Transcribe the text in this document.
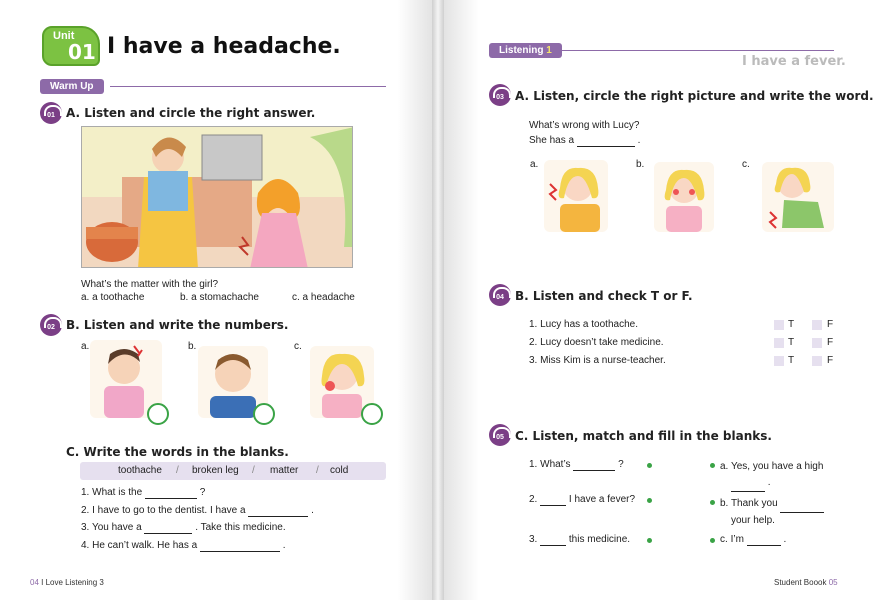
Unit
01 I have a headache.
Warm Up
01 A. Listen and circle the right answer.
What’s the matter with the girl?
a. a toothache	b. a stomachache	c. a headache
02 B. Listen and write the numbers.
a.	b.	c.
C. Write the words in the blanks.
toothache / broken leg / matter / cold
1. What is the	?
2. I have to go to the dentist. I have a	.
3. You have a	. Take this medicine.
4. He can’t walk. He has a	.
04 I Love Listening 3
Listening 1
I have a fever.
03 A. Listen, circle the right picture and write the word.
What’s wrong with Lucy?
She has a	.
a.	b.	c.
04 B. Listen and check T or F.
1. Lucy has a toothache.	T	F
2. Lucy doesn’t take medicine.	T	F
3. Miss Kim is a nurse-teacher.	T	F
05 C. Listen, match and fill in the blanks.
1. What’s	?
2.	I have a fever?
3.	this medicine.
a. Yes, you have a high
.
b. Thank you
your help.
c. I’m	.
Student Boook 05
